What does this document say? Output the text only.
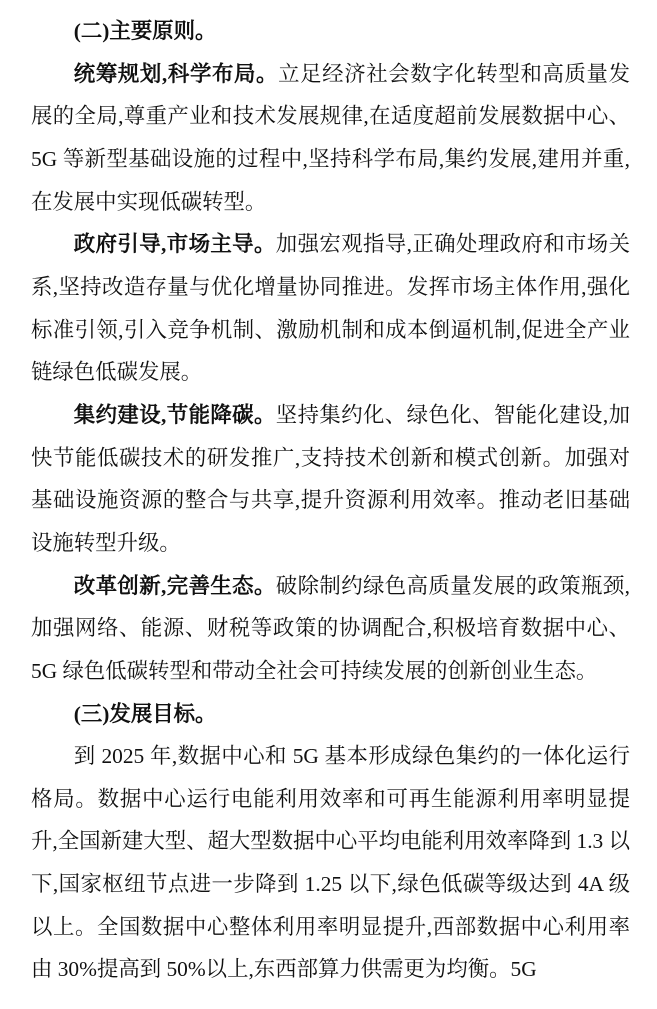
(二)主要原则。

统筹规划,科学布局。立足经济社会数字化转型和高质量发展的全局,尊重产业和技术发展规律,在适度超前发展数据中心、5G 等新型基础设施的过程中,坚持科学布局,集约发展,建用并重,在发展中实现低碳转型。

政府引导,市场主导。加强宏观指导,正确处理政府和市场关系,坚持改造存量与优化增量协同推进。发挥市场主体作用,强化标准引领,引入竞争机制、激励机制和成本倒逼机制,促进全产业链绿色低碳发展。

集约建设,节能降碳。坚持集约化、绿色化、智能化建设,加快节能低碳技术的研发推广,支持技术创新和模式创新。加强对基础设施资源的整合与共享,提升资源利用效率。推动老旧基础设施转型升级。

改革创新,完善生态。破除制约绿色高质量发展的政策瓶颈,加强网络、能源、财税等政策的协调配合,积极培育数据中心、5G 绿色低碳转型和带动全社会可持续发展的创新创业生态。

(三)发展目标。

到 2025 年,数据中心和 5G 基本形成绿色集约的一体化运行格局。数据中心运行电能利用效率和可再生能源利用率明显提升,全国新建大型、超大型数据中心平均电能利用效率降到 1.3 以下,国家枢纽节点进一步降到 1.25 以下,绿色低碳等级达到 4A 级以上。全国数据中心整体利用率明显提升,西部数据中心利用率由 30%提高到 50%以上,东西部算力供需更为均衡。5G
